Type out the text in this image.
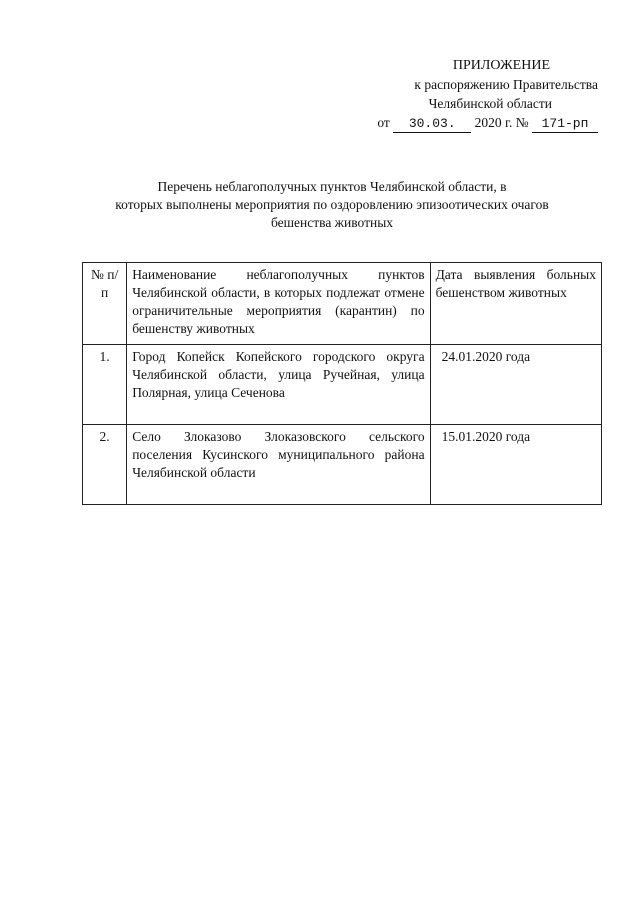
ПРИЛОЖЕНИЕ
к распоряжению Правительства
Челябинской области
от 30.03. 2020 г. № 171-рп
Перечень неблагополучных пунктов Челябинской области, в
которых выполнены мероприятия по оздоровлению эпизоотических очагов
бешенства животных
№ п/п	Наименование неблагополучных пунктов Челябинской области, в которых подлежат отмене ограничительные мероприятия (карантин) по бешенству животных	Дата выявления больных бешенством животных
1.	Город Копейск Копейского городского округа Челябинской области, улица Ручейная, улица Полярная, улица Сеченова	24.01.2020 года

2.	Село Злоказово Злоказовского сельского поселения Кусинского муниципального района Челябинской области	15.01.2020 года
